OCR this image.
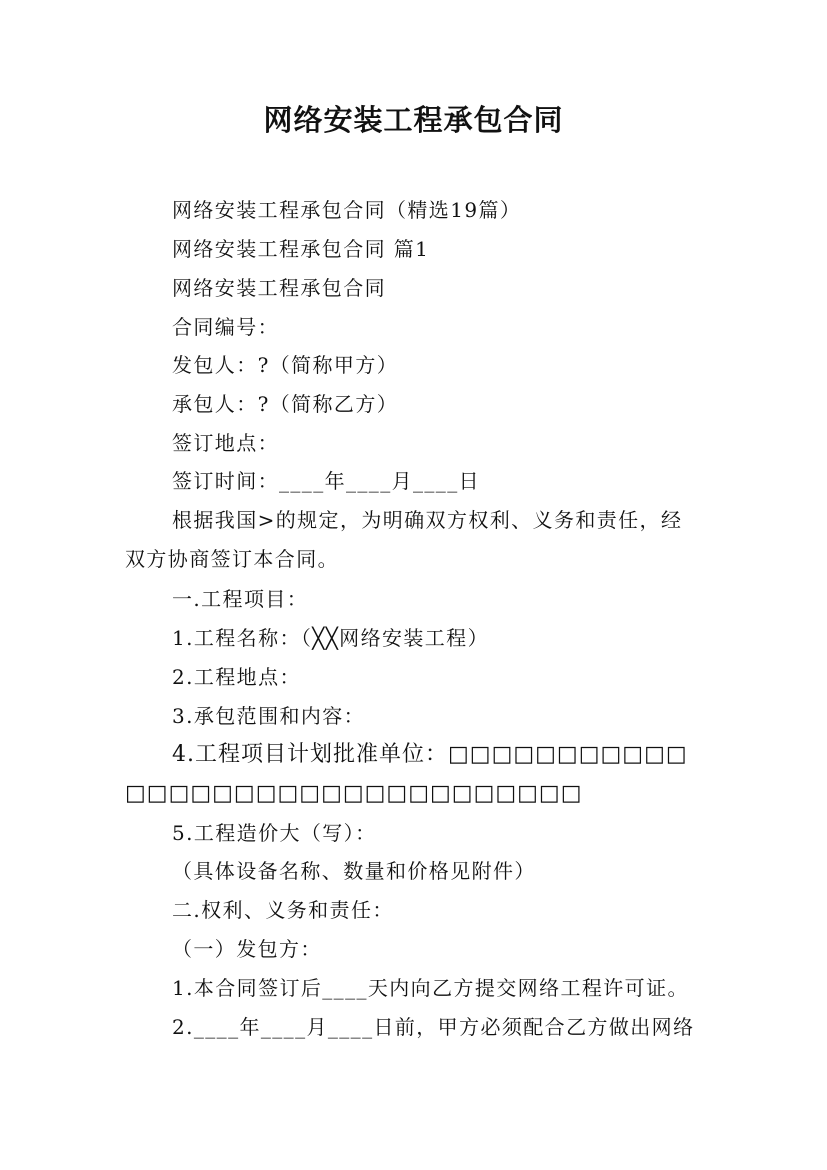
网络安装工程承包合同
网络安装工程承包合同（精选19篇）
网络安装工程承包合同 篇1
网络安装工程承包合同
合同编号：
发包人：?（简称甲方）
承包人：?（简称乙方）
签订地点：
签订时间：____年____月____日
根据我国>的规定，为明确双方权利、义务和责任，经
双方协商签订本合同。
一.工程项目：
1.工程名称：（╳╳网络安装工程）
2.工程地点：
3.承包范围和内容：
4.工程项目计划批准单位：□□□□□□□□□□□
□□□□□□□□□□□□□□□□□□□□□
5.工程造价大（写）：
（具体设备名称、数量和价格见附件）
二.权利、义务和责任：
（一）发包方：
1.本合同签订后____天内向乙方提交网络工程许可证。
2.____年____月____日前，甲方必须配合乙方做出网络
